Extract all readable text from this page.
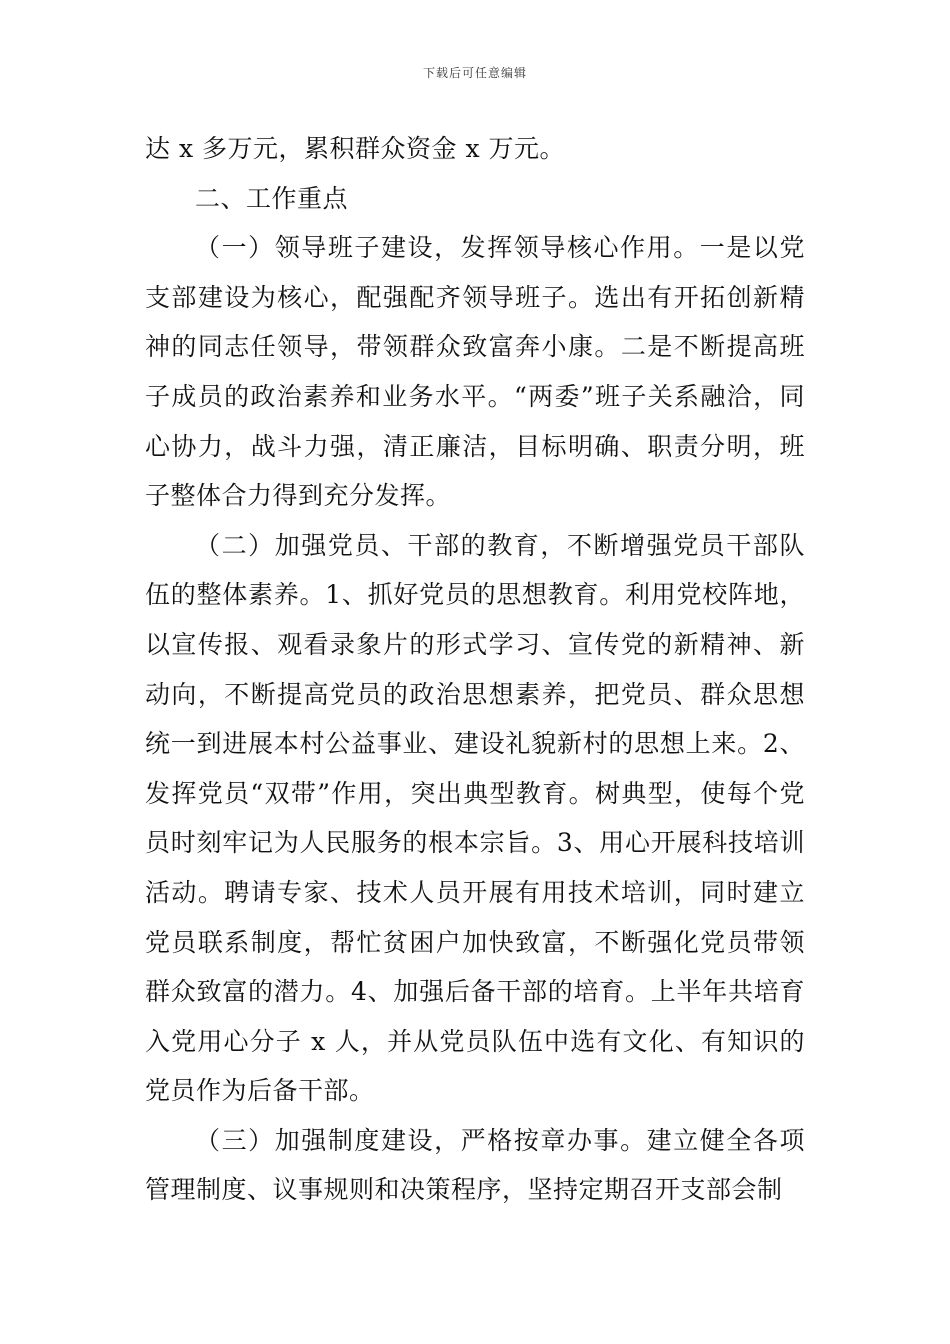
下载后可任意编辑

达 x 多万元，累积群众资金 x 万元。

二、工作重点

（一）领导班子建设，发挥领导核心作用。一是以党支部建设为核心，配强配齐领导班子。选出有开拓创新精神的同志任领导，带领群众致富奔小康。二是不断提高班子成员的政治素养和业务水平。“两委”班子关系融洽，同心协力，战斗力强，清正廉洁，目标明确、职责分明，班子整体合力得到充分发挥。

（二）加强党员、干部的教育，不断增强党员干部队伍的整体素养。1、抓好党员的思想教育。利用党校阵地，以宣传报、观看录象片的形式学习、宣传党的新精神、新动向，不断提高党员的政治思想素养，把党员、群众思想统一到进展本村公益事业、建设礼貌新村的思想上来。2、发挥党员“双带”作用，突出典型教育。树典型，使每个党员时刻牢记为人民服务的根本宗旨。3、用心开展科技培训活动。聘请专家、技术人员开展有用技术培训，同时建立党员联系制度，帮忙贫困户加快致富，不断强化党员带领群众致富的潜力。4、加强后备干部的培育。上半年共培育入党用心分子 x 人，并从党员队伍中选有文化、有知识的党员作为后备干部。

（三）加强制度建设，严格按章办事。建立健全各项管理制度、议事规则和决策程序，坚持定期召开支部会制
